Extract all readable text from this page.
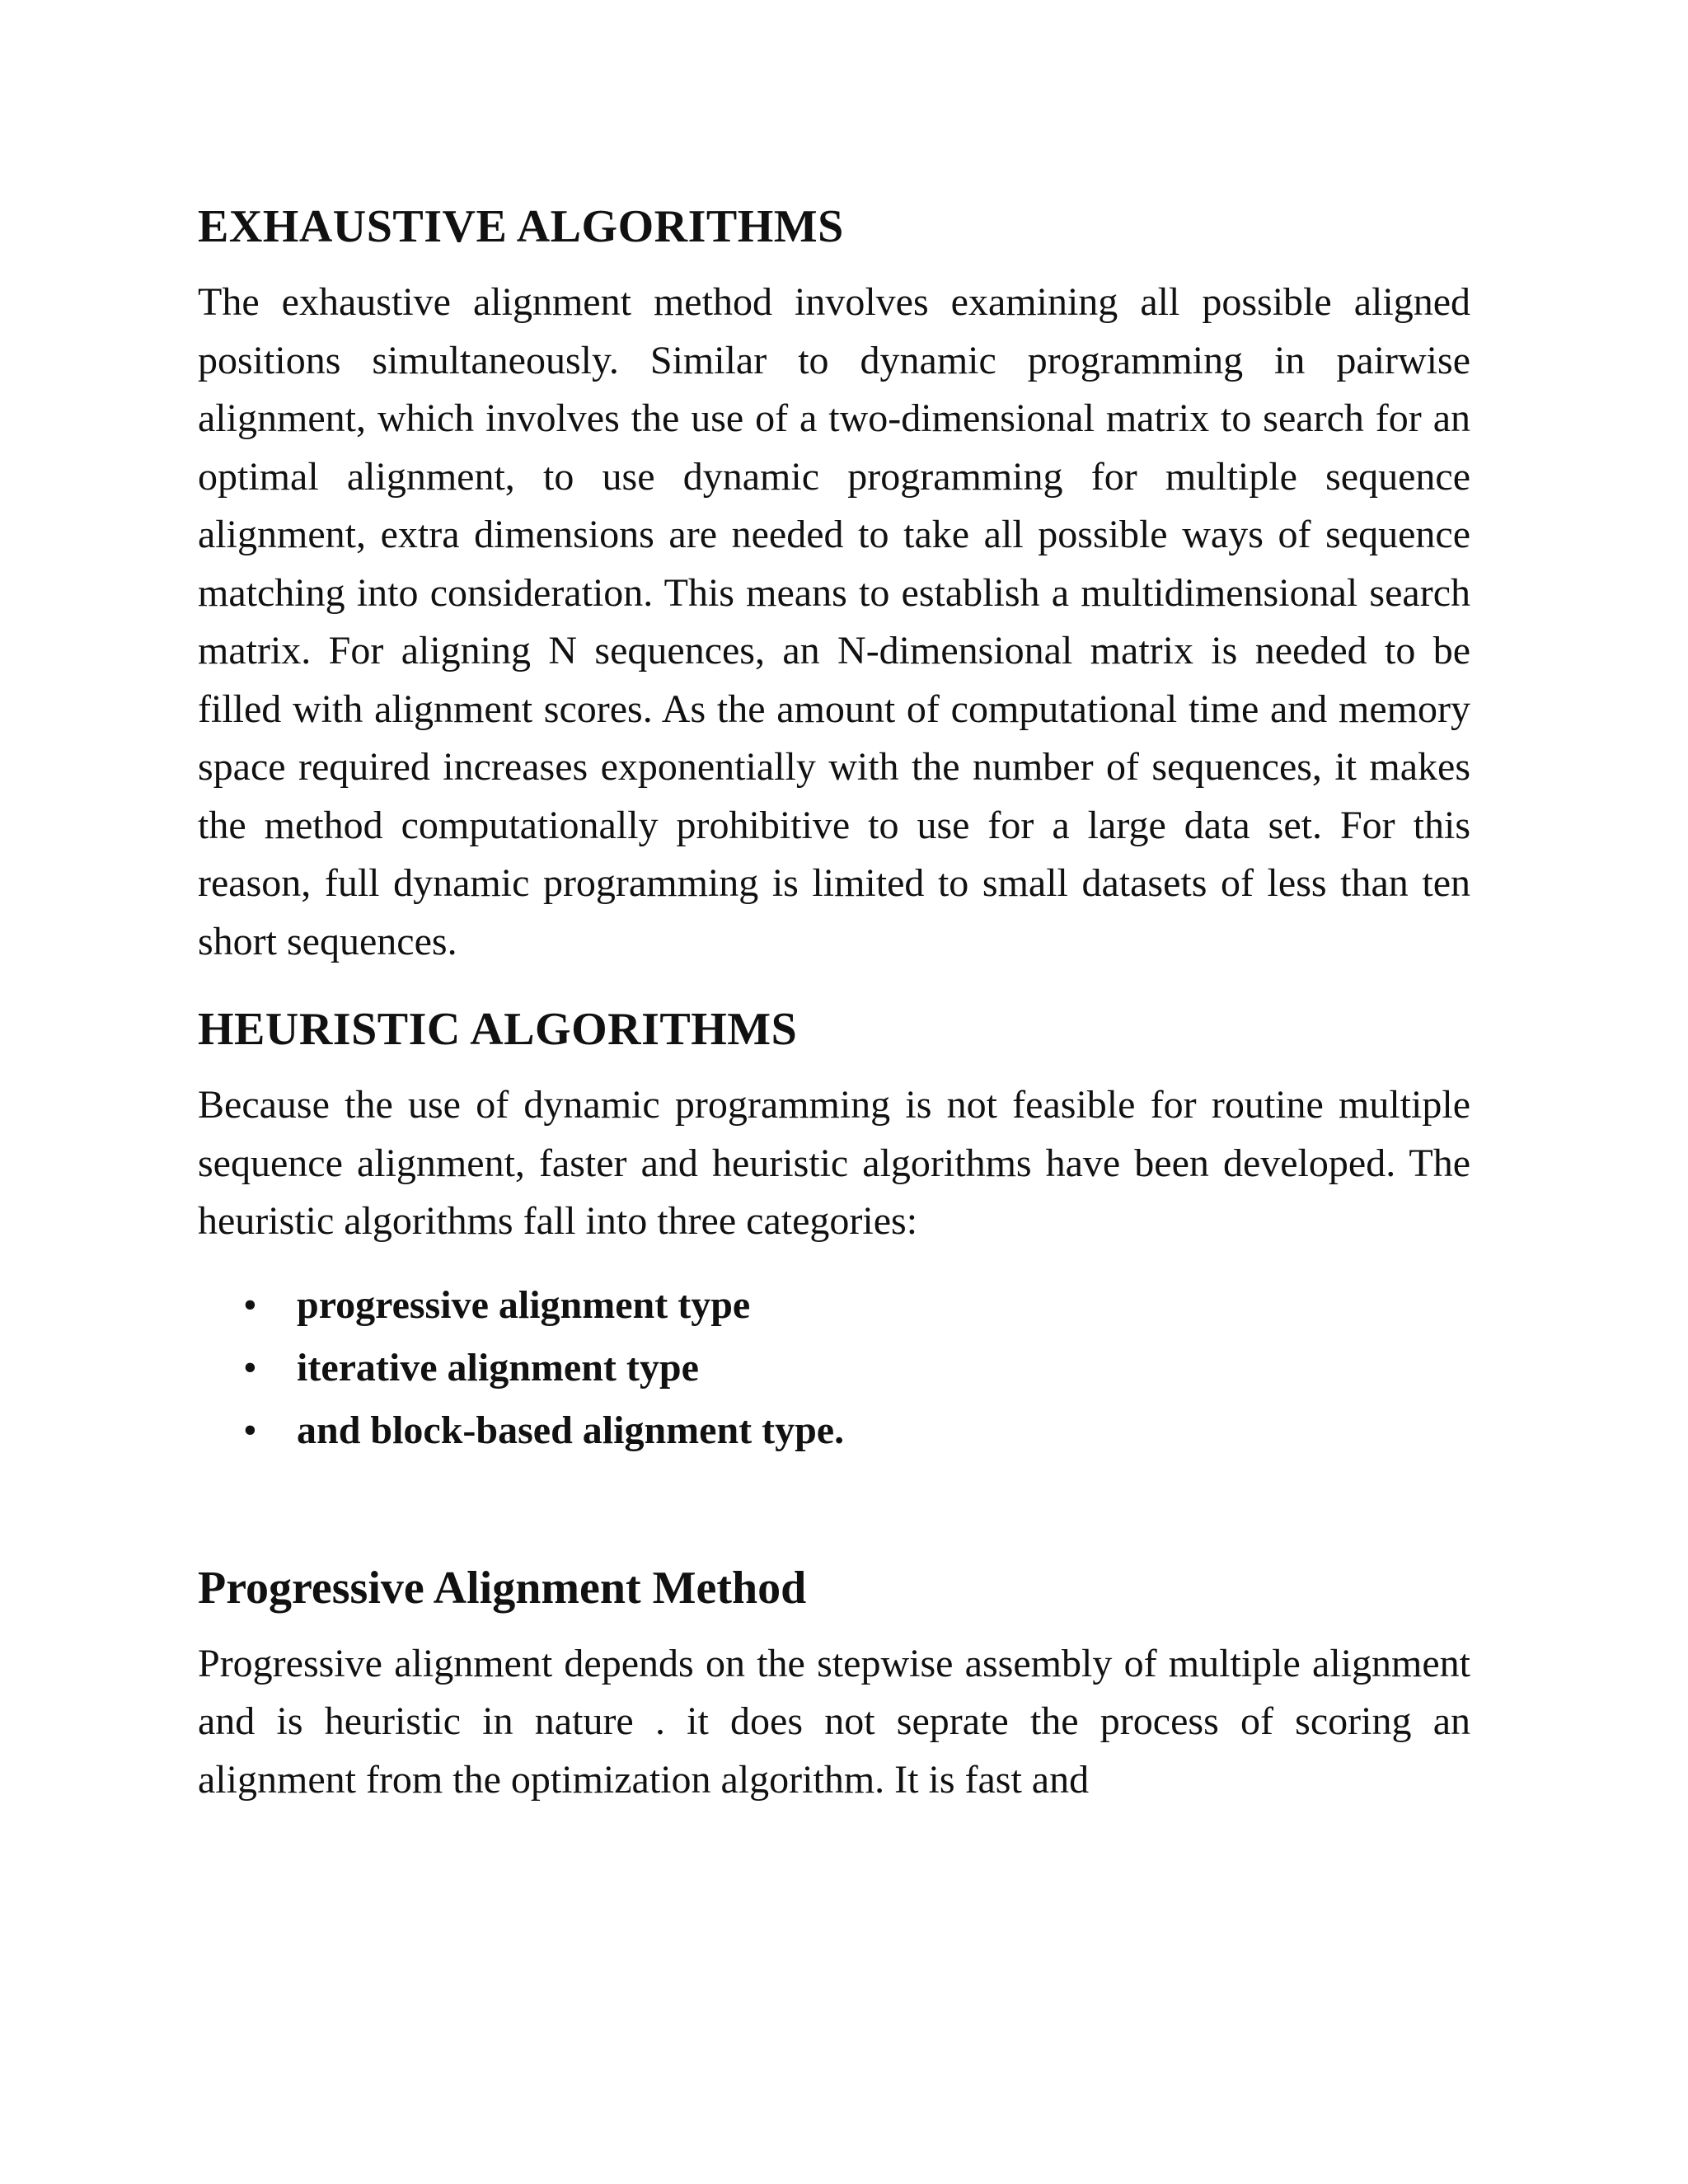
EXHAUSTIVE ALGORITHMS

The exhaustive alignment method involves examining all possible aligned positions simultaneously. Similar to dynamic programming in pairwise alignment, which involves the use of a two-dimensional matrix to search for an optimal alignment, to use dynamic programming for multiple sequence alignment, extra dimensions are needed to take all possible ways of sequence matching into consideration. This means to establish a multidimensional search matrix. For aligning N sequences, an N-dimensional matrix is needed to be filled with alignment scores. As the amount of computational time and memory space required increases exponentially with the number of sequences, it makes the method computationally prohibitive to use for a large data set. For this reason, full dynamic programming is limited to small datasets of less than ten short sequences.

HEURISTIC ALGORITHMS

Because the use of dynamic programming is not feasible for routine multiple sequence alignment, faster and heuristic algorithms have been developed. The heuristic algorithms fall into three categories:

• progressive alignment type
• iterative alignment type
• and block-based alignment type.
Progressive Alignment Method

Progressive alignment depends on the stepwise assembly of multiple alignment and is heuristic in nature . it does not seprate the process of scoring an alignment from the optimization algorithm. It is fast and
